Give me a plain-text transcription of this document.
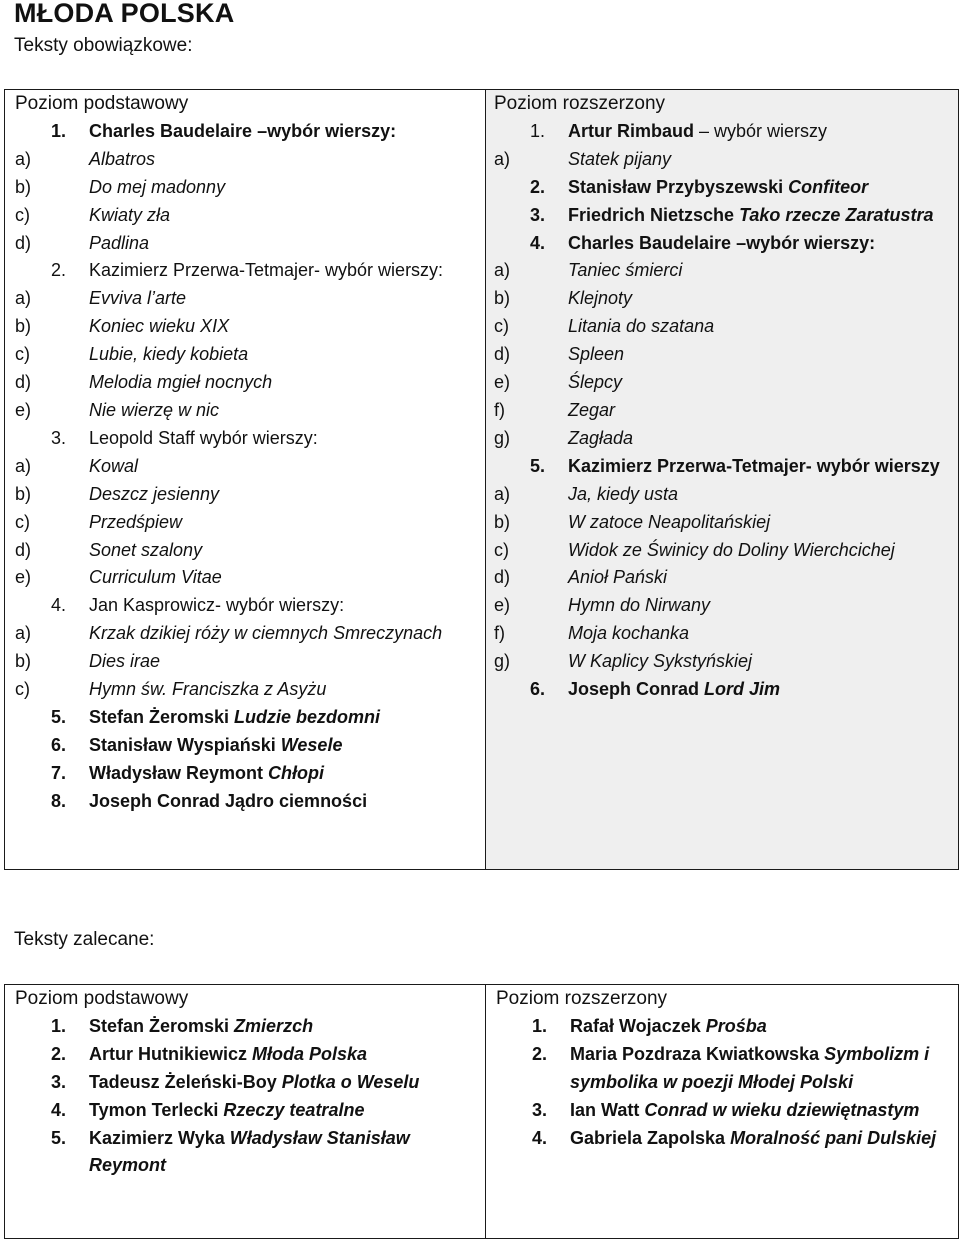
MŁODA POLSKA
Teksty obowiązkowe:
Poziom podstawowy
1. Charles Baudelaire –wybór wierszy:
a)	Albatros
b)	Do mej madonny
c)	Kwiaty zła
d)	Padlina
2. Kazimierz Przerwa-Tetmajer- wybór wierszy:
a)	Evviva l’arte
b)	Koniec wieku XIX
c)	Lubie, kiedy kobieta
d)	Melodia mgieł nocnych
e)	Nie wierzę w nic
3. Leopold Staff wybór wierszy:
a)	Kowal
b)	Deszcz jesienny
c)	Przedśpiew
d)	Sonet szalony
e)	Curriculum Vitae
4. Jan Kasprowicz- wybór wierszy:
a)	Krzak dzikiej róży w ciemnych Smreczynach
b)	Dies irae
c)	Hymn św. Franciszka z Asyżu
5. Stefan Żeromski Ludzie bezdomni
6. Stanisław Wyspiański Wesele
7. Władysław Reymont Chłopi
8. Joseph Conrad Jądro ciemności

Poziom rozszerzony
1. Artur Rimbaud – wybór wierszy
a)	Statek pijany
2. Stanisław Przybyszewski Confiteor
3. Friedrich Nietzsche Tako rzecze Zaratustra
4. Charles Baudelaire –wybór wierszy:
a)	Taniec śmierci
b)	Klejnoty
c)	Litania do szatana
d)	Spleen
e)	Ślepcy
f)	Zegar
g)	Zagłada
5. Kazimierz Przerwa-Tetmajer- wybór wierszy
a)	Ja, kiedy usta
b)	W zatoce Neapolitańskiej
c)	Widok ze Świnicy do Doliny Wierchcichej
d)	Anioł Pański
e)	Hymn do Nirwany
f)	Moja kochanka
g)	W Kaplicy Sykstyńskiej
6. Joseph Conrad Lord Jim
Teksty zalecane:
Poziom podstawowy
1. Stefan Żeromski Zmierzch
2. Artur Hutnikiewicz Młoda Polska
3. Tadeusz Żeleński-Boy Plotka o Weselu
4. Tymon Terlecki Rzeczy teatralne
5. Kazimierz Wyka Władysław Stanisław Reymont

Poziom rozszerzony
1. Rafał Wojaczek Prośba
2. Maria Pozdraza Kwiatkowska Symbolizm i symbolika w poezji Młodej Polski
3. Ian Watt Conrad w wieku dziewiętnastym
4. Gabriela Zapolska Moralność pani Dulskiej
